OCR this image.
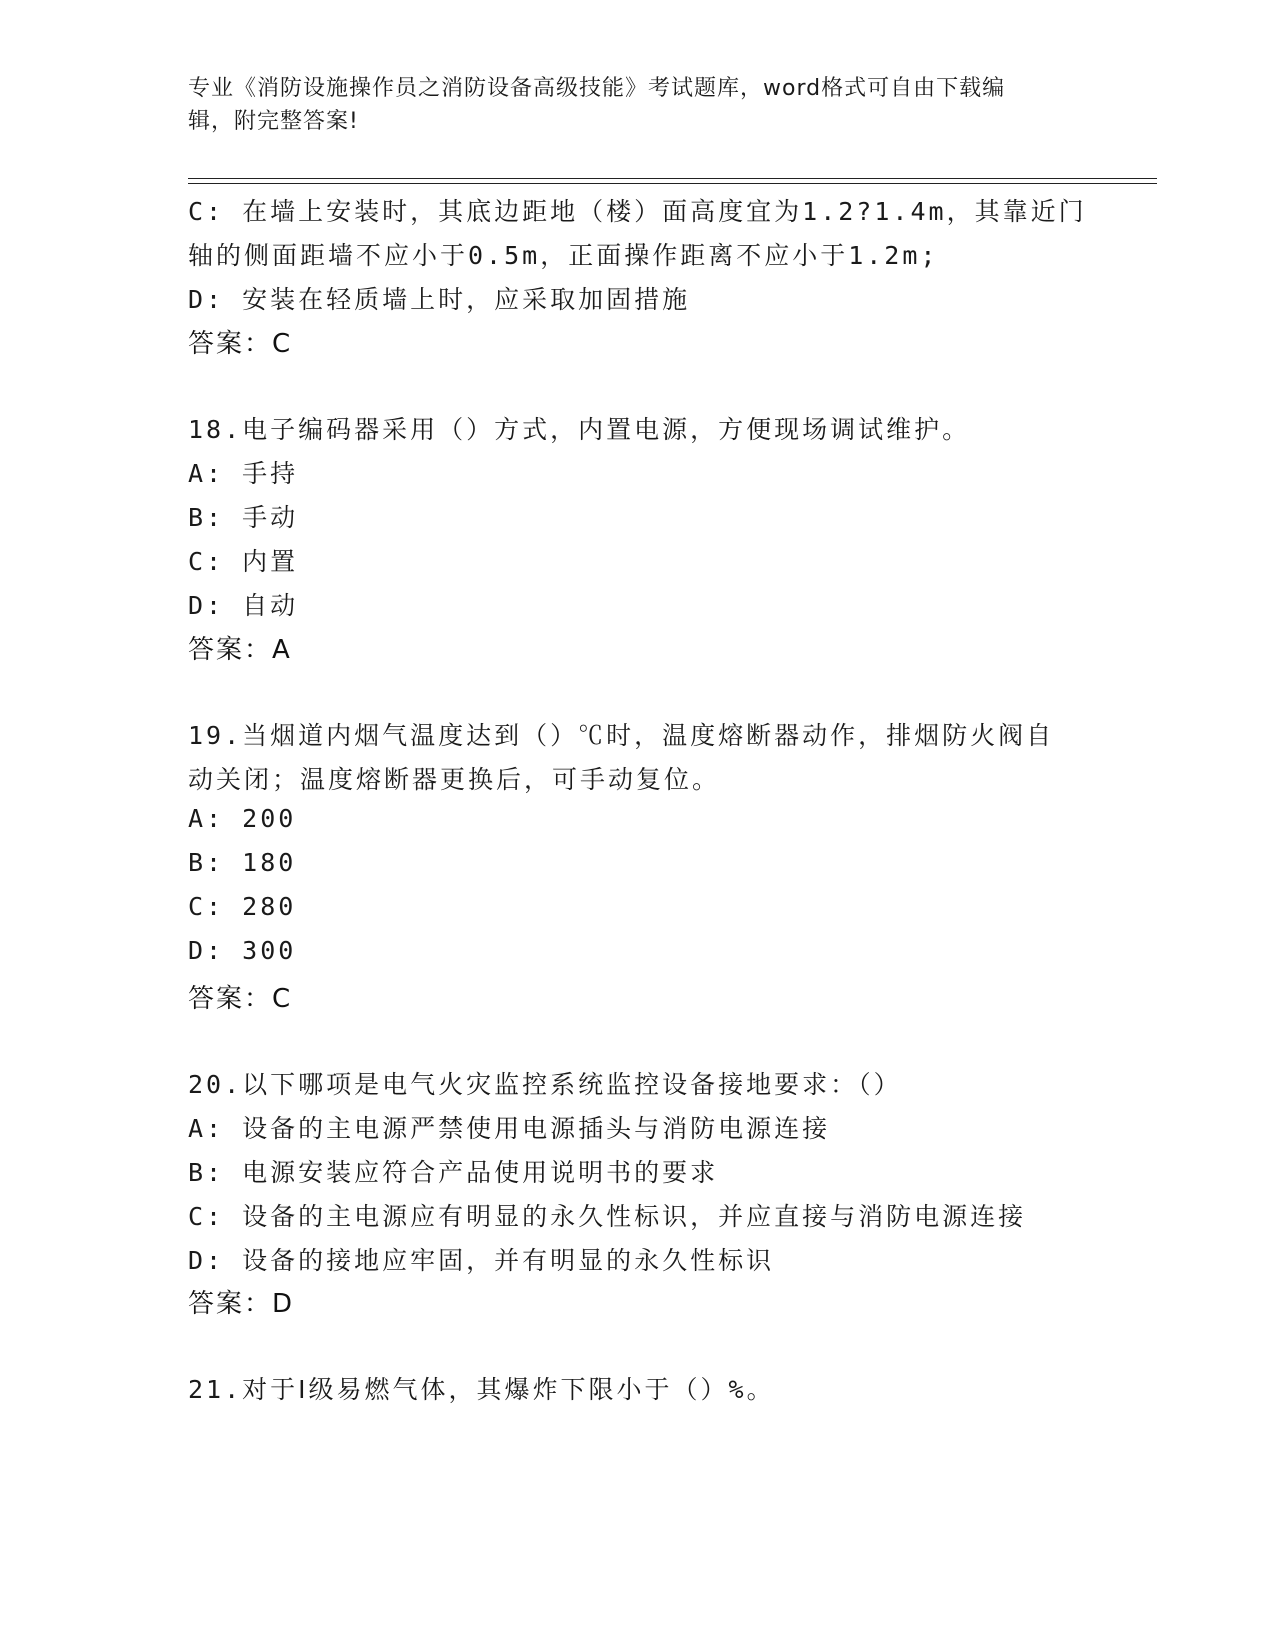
专业《消防设施操作员之消防设备高级技能》考试题库，word格式可自由下载编
辑，附完整答案!
C: 在墙上安装时，其底边距地（楼）面高度宜为1.2?1.4m，其靠近门
轴的侧面距墙不应小于0.5m，正面操作距离不应小于1.2m;
D: 安装在轻质墙上时，应采取加固措施
答案：C
18.电子编码器采用（）方式，内置电源，方便现场调试维护。
A: 手持
B: 手动
C: 内置
D: 自动
答案：A
19.当烟道内烟气温度达到（）℃时，温度熔断器动作，排烟防火阀自
动关闭；温度熔断器更换后，可手动复位。
A: 200
B: 180
C: 280
D: 300
答案：C
20.以下哪项是电气火灾监控系统监控设备接地要求：（）
A: 设备的主电源严禁使用电源插头与消防电源连接
B: 电源安装应符合产品使用说明书的要求
C: 设备的主电源应有明显的永久性标识，并应直接与消防电源连接
D: 设备的接地应牢固，并有明显的永久性标识
答案：D
21.对于Ⅰ级易燃气体，其爆炸下限小于（）%。
